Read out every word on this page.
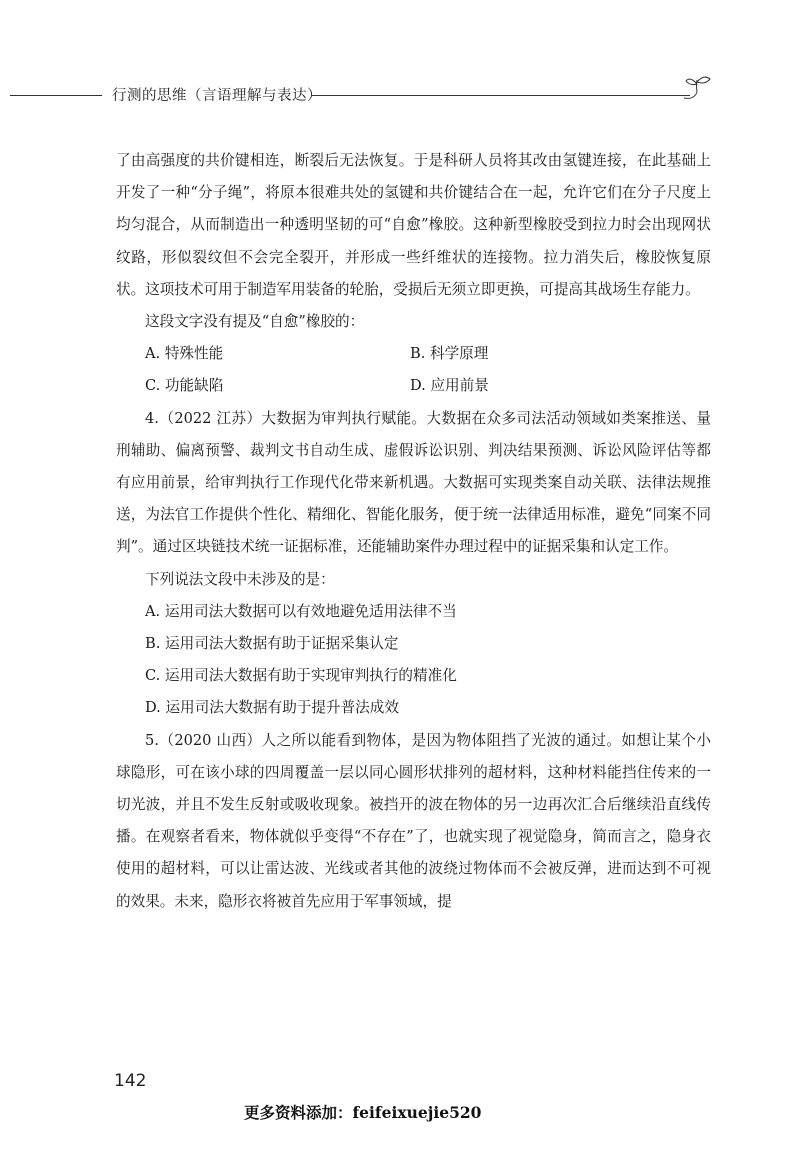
行测的思维（言语理解与表达）

了由高强度的共价键相连，断裂后无法恢复。于是科研人员将其改由氢键连接，在此基础上开发了一种“分子绳”，将原本很难共处的氢键和共价键结合在一起，允许它们在分子尺度上均匀混合，从而制造出一种透明坚韧的可“自愈”橡胶。这种新型橡胶受到拉力时会出现网状纹路，形似裂纹但不会完全裂开，并形成一些纤维状的连接物。拉力消失后，橡胶恢复原状。这项技术可用于制造军用装备的轮胎，受损后无须立即更换，可提高其战场生存能力。

这段文字没有提及“自愈”橡胶的：

A. 特殊性能	B. 科学原理
C. 功能缺陷	D. 应用前景

4.（2022 江苏）大数据为审判执行赋能。大数据在众多司法活动领域如类案推送、量刑辅助、偏离预警、裁判文书自动生成、虚假诉讼识别、判决结果预测、诉讼风险评估等都有应用前景，给审判执行工作现代化带来新机遇。大数据可实现类案自动关联、法律法规推送，为法官工作提供个性化、精细化、智能化服务，便于统一法律适用标准，避免“同案不同判”。通过区块链技术统一证据标准，还能辅助案件办理过程中的证据采集和认定工作。

下列说法文段中未涉及的是：

A. 运用司法大数据可以有效地避免适用法律不当

B. 运用司法大数据有助于证据采集认定

C. 运用司法大数据有助于实现审判执行的精准化

D. 运用司法大数据有助于提升普法成效

5.（2020 山西）人之所以能看到物体，是因为物体阻挡了光波的通过。如想让某个小球隐形，可在该小球的四周覆盖一层以同心圆形状排列的超材料，这种材料能挡住传来的一切光波，并且不发生反射或吸收现象。被挡开的波在物体的另一边再次汇合后继续沿直线传播。在观察者看来，物体就似乎变得“不存在”了，也就实现了视觉隐身，简而言之，隐身衣使用的超材料，可以让雷达波、光线或者其他的波绕过物体而不会被反弹，进而达到不可视的效果。未来，隐形衣将被首先应用于军事领域，提

142
更多资料添加：feifeixuejie520
